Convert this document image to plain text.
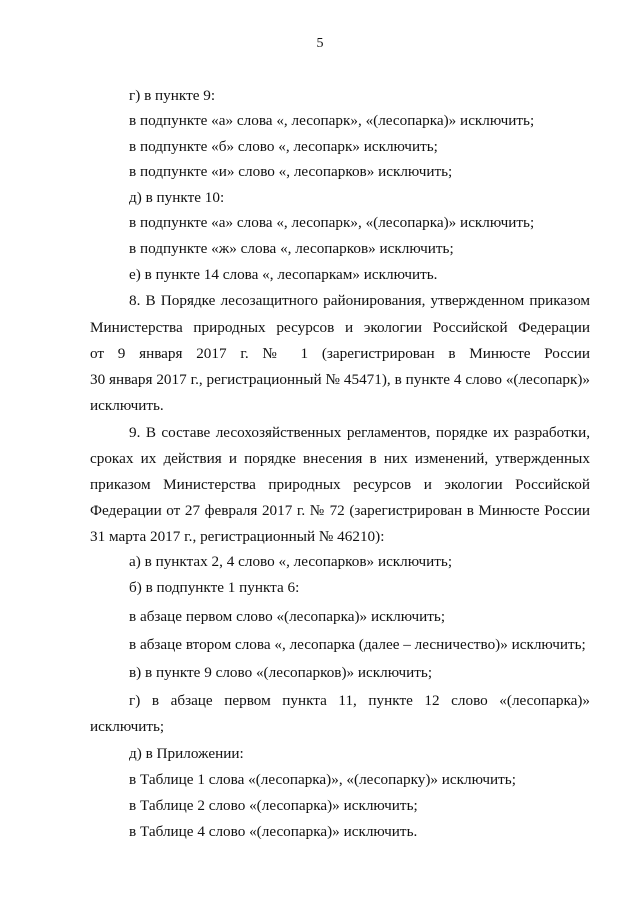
5
г) в пункте 9:
в подпункте «а» слова «, лесопарк», «(лесопарка)» исключить;
в подпункте «б» слово «, лесопарк» исключить;
в подпункте «и» слово «, лесопарков» исключить;
д) в пункте 10:
в подпункте «а» слова «, лесопарк», «(лесопарка)» исключить;
в подпункте «ж» слова «, лесопарков» исключить;
е) в пункте 14 слова «, лесопаркам» исключить.
8. В Порядке лесозащитного районирования, утвержденном приказом
Министерства природных ресурсов и экологии Российской Федерации
от 9 января 2017 г. № 1 (зарегистрирован в Минюсте России
30 января 2017 г., регистрационный № 45471), в пункте 4 слово «(лесопарк)»
исключить.
9. В составе лесохозяйственных регламентов, порядке их разработки,
сроках их действия и порядке внесения в них изменений, утвержденных
приказом Министерства природных ресурсов и экологии Российской
Федерации от 27 февраля 2017 г. № 72 (зарегистрирован в Минюсте России
31 марта 2017 г., регистрационный № 46210):
а) в пунктах 2, 4 слово «, лесопарков» исключить;
б) в подпункте 1 пункта 6:
в абзаце первом слово «(лесопарка)» исключить;
в абзаце втором слова «, лесопарка (далее – лесничество)» исключить;
в) в пункте 9 слово «(лесопарков)» исключить;
г) в абзаце первом пункта 11, пункте 12 слово «(лесопарка)»
исключить;
д) в Приложении:
в Таблице 1 слова «(лесопарка)», «(лесопарку)» исключить;
в Таблице 2 слово «(лесопарка)» исключить;
в Таблице 4 слово «(лесопарка)» исключить.
